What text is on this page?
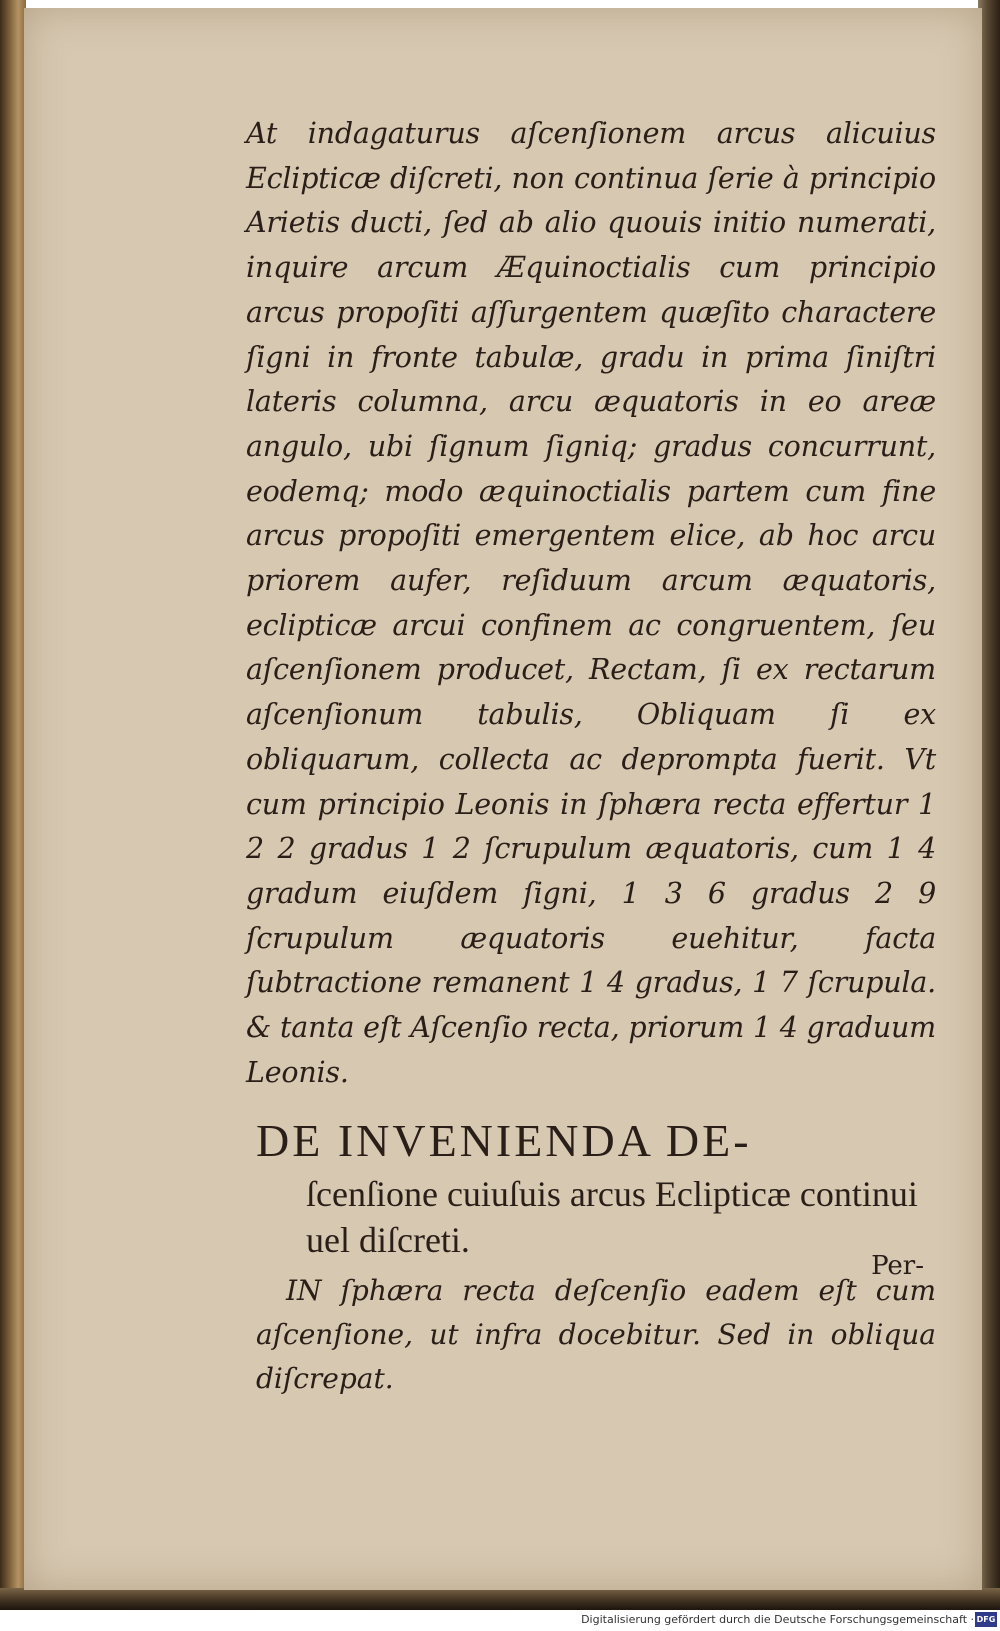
At indagaturus aſcenſionem arcus alicuius Eclipticæ diſcreti, non continua ſerie à principio Arietis ducti, ſed ab alio quouis initio numerati, inquire arcum Æquinoctialis cum principio arcus propoſiti aſſurgentem quæſito charactere ſigni in fronte tabulæ, gradu in prima ſiniſtri lateris columna, arcu æquatoris in eo areæ angulo, ubi ſignum ſigniq; gradus concurrunt, eodemq; modo æquinoctialis partem cum fine arcus propoſiti emergentem elice, ab hoc arcu priorem aufer, reſiduum arcum æquatoris, eclipticæ arcui confinem ac congruentem, ſeu aſcenſionem producet, Rectam, ſi ex rectarum aſcenſionum tabulis, Obliquam ſi ex obliquarum, collecta ac deprompta fuerit. Vt cum principio Leonis in ſphæra recta effertur 1 2 2 gradus 1 2 ſcrupulum æquatoris, cum 1 4 gradum eiuſdem ſigni, 1 3 6 gradus 2 9 ſcrupulum æquatoris euehitur, facta ſubtractione remanent 1 4 gradus, 1 7 ſcrupula. & tanta eſt Aſcenſio recta, priorum 1 4 graduum Leonis.

DE INVENIENDA DE-
ſcenſione cuiuſuis arcus Eclipticæ continui uel diſcreti.

IN ſphæra recta deſcenſio eadem eſt cum aſcenſione, ut infra docebitur. Sed in obliqua diſcrepat.

Per-
Digitalisierung gefördert durch die Deutsche Forschungsgemeinschaft · DFG
